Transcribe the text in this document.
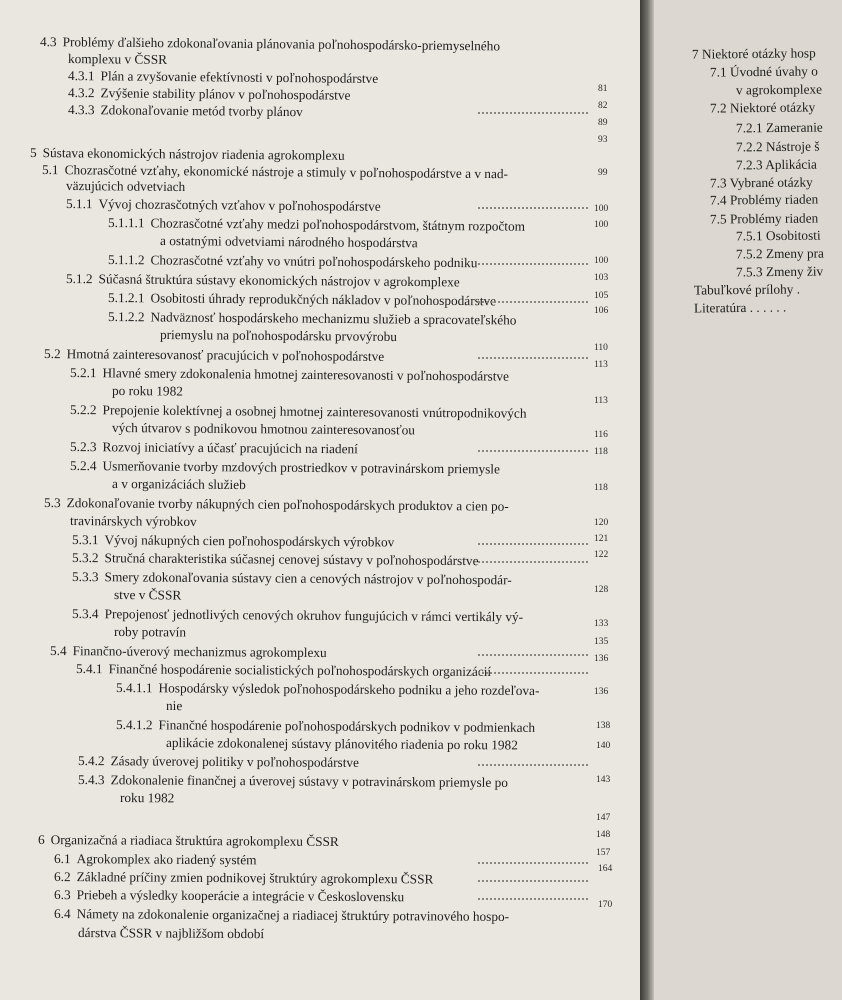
4.3 Problémy ďalšieho zdokonaľovania plánovania poľnohospodársko-priemyselného
komplexu v ČSSR
4.3.1 Plán a zvyšovanie efektívnosti v poľnohospodárstve
4.3.2 Zvýšenie stability plánov v poľnohospodárstve
4.3.3 Zdokonaľovanie metód tvorby plánov
5 Sústava ekonomických nástrojov riadenia agrokomplexu
5.1 Chozrasčotné vzťahy, ekonomické nástroje a stimuly v poľnohospodárstve a v nad-
väzujúcich odvetviach
5.1.1 Vývoj chozrasčotných vzťahov v poľnohospodárstve
5.1.1.1 Chozrasčotné vzťahy medzi poľnohospodárstvom, štátnym rozpočtom
a ostatnými odvetviami národného hospodárstva
5.1.1.2 Chozrasčotné vzťahy vo vnútri poľnohospodárskeho podniku
5.1.2 Súčasná štruktúra sústavy ekonomických nástrojov v agrokomplexe
5.1.2.1 Osobitosti úhrady reprodukčných nákladov v poľnohospodárstve
5.1.2.2 Nadväznosť hospodárskeho mechanizmu služieb a spracovateľského
priemyslu na poľnohospodársku prvovýrobu
5.2 Hmotná zainteresovanosť pracujúcich v poľnohospodárstve
5.2.1 Hlavné smery zdokonalenia hmotnej zainteresovanosti v poľnohospodárstve
po roku 1982
5.2.2 Prepojenie kolektívnej a osobnej hmotnej zainteresovanosti vnútropodnikových
vých útvarov s podnikovou hmotnou zainteresovanosťou
5.2.3 Rozvoj iniciatívy a účasť pracujúcich na riadení
5.2.4 Usmerňovanie tvorby mzdových prostriedkov v potravinárskom priemysle
a v organizáciách služieb
5.3 Zdokonaľovanie tvorby nákupných cien poľnohospodárskych produktov a cien po-
travinárskych výrobkov
5.3.1 Vývoj nákupných cien poľnohospodárskych výrobkov
5.3.2 Stručná charakteristika súčasnej cenovej sústavy v poľnohospodárstve
5.3.3 Smery zdokonaľovania sústavy cien a cenových nástrojov v poľnohospodár-
stve v ČSSR
5.3.4 Prepojenosť jednotlivých cenových okruhov fungujúcich v rámci vertikály vý-
roby potravín
5.4 Finančno-úverový mechanizmus agrokomplexu
5.4.1 Finančné hospodárenie socialistických poľnohospodárskych organizácií
5.4.1.1 Hospodársky výsledok poľnohospodárskeho podniku a jeho rozdeľova-
nie
5.4.1.2 Finančné hospodárenie poľnohospodárskych podnikov v podmienkach
aplikácie zdokonalenej sústavy plánovitého riadenia po roku 1982
5.4.2 Zásady úverovej politiky v poľnohospodárstve
5.4.3 Zdokonalenie finančnej a úverovej sústavy v potravinárskom priemysle po
roku 1982
6 Organizačná a riadiaca štruktúra agrokomplexu ČSSR
6.1 Agrokomplex ako riadený systém
6.2 Základné príčiny zmien podnikovej štruktúry agrokomplexu ČSSR
6.3 Priebeh a výsledky kooperácie a integrácie v Československu
6.4 Námety na zdokonalenie organizačnej a riadiacej štruktúry potravinového hospo-
dárstva ČSSR v najbližšom období
81
82
89
93
99
100
100
100
103
105
106
110
113
113
116
118
118
120
121
122
128
133
135
136
136
138
140
143
147
148
157
164
170
7 Niektoré otázky hosp
7.1 Úvodné úvahy o
v agrokomplexe
7.2 Niektoré otázky
7.2.1 Zameranie
7.2.2 Nástroje š
7.2.3 Aplikácia
7.3 Vybrané otázky
7.4 Problémy riaden
7.5 Problémy riaden
7.5.1 Osobitosti
7.5.2 Zmeny pra
7.5.3 Zmeny živ
Tabuľkové prílohy .
Literatúra . . . . . .
